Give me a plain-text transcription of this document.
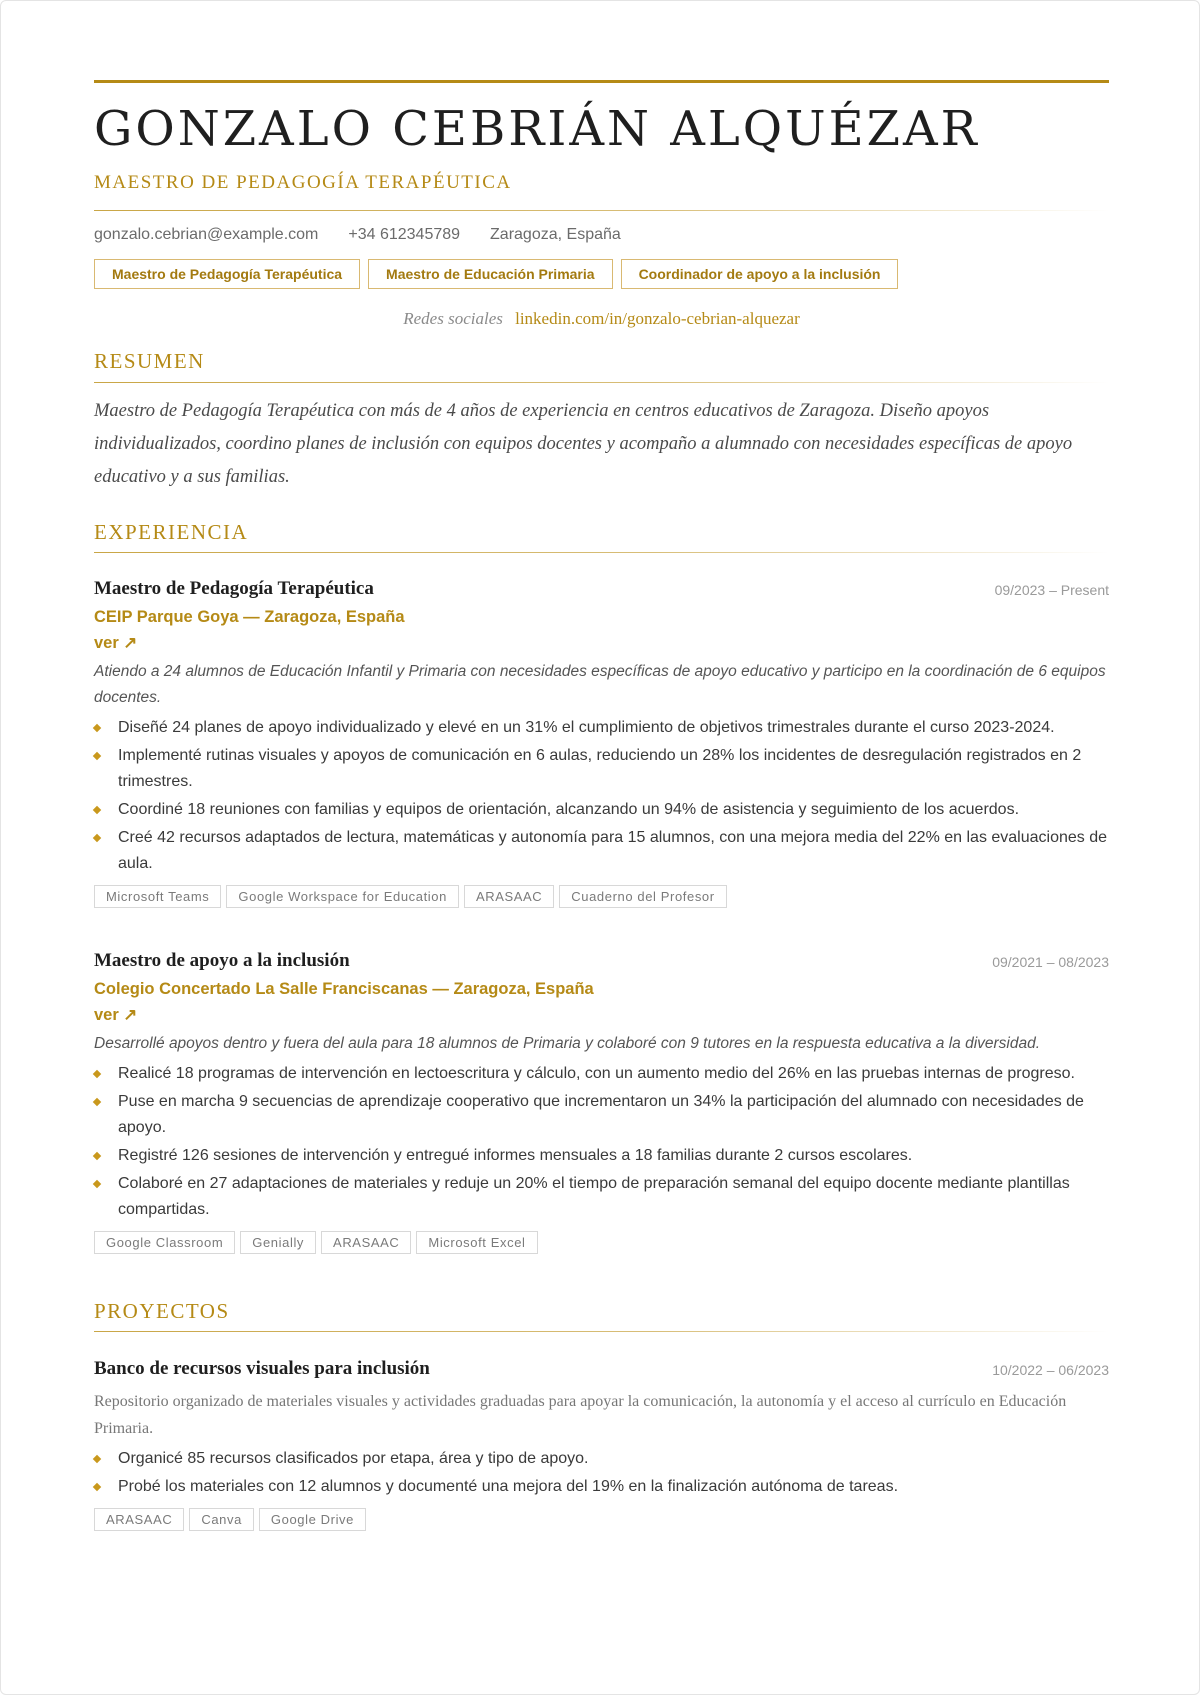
GONZALO CEBRIÁN ALQUÉZAR
MAESTRO DE PEDAGOGÍA TERAPÉUTICA
gonzalo.cebrian@example.com +34 612345789 Zaragoza, España
Maestro de Pedagogía Terapéutica	Maestro de Educación Primaria	Coordinador de apoyo a la inclusión
Redes sociales linkedin.com/in/gonzalo-cebrian-alquezar
RESUMEN

Maestro de Pedagogía Terapéutica con más de 4 años de experiencia en centros educativos de Zaragoza. Diseño apoyos individualizados, coordino planes de inclusión con equipos docentes y acompaño a alumnado con necesidades específicas de apoyo educativo y a sus familias.

EXPERIENCIA
Maestro de Pedagogía Terapéutica	09/2023 – Present
CEIP Parque Goya — Zaragoza, España
ver ↗
Atiendo a 24 alumnos de Educación Infantil y Primaria con necesidades específicas de apoyo educativo y participo en la coordinación de 6 equipos docentes.
Diseñé 24 planes de apoyo individualizado y elevé en un 31% el cumplimiento de objetivos trimestrales durante el curso 2023-2024.
Implementé rutinas visuales y apoyos de comunicación en 6 aulas, reduciendo un 28% los incidentes de desregulación registrados en 2 trimestres.
Coordiné 18 reuniones con familias y equipos de orientación, alcanzando un 94% de asistencia y seguimiento de los acuerdos.
Creé 42 recursos adaptados de lectura, matemáticas y autonomía para 15 alumnos, con una mejora media del 22% en las evaluaciones de aula.
Microsoft Teams	Google Workspace for Education	ARASAAC	Cuaderno del Profesor
Maestro de apoyo a la inclusión	09/2021 – 08/2023
Colegio Concertado La Salle Franciscanas — Zaragoza, España
ver ↗
Desarrollé apoyos dentro y fuera del aula para 18 alumnos de Primaria y colaboré con 9 tutores en la respuesta educativa a la diversidad.
Realicé 18 programas de intervención en lectoescritura y cálculo, con un aumento medio del 26% en las pruebas internas de progreso.
Puse en marcha 9 secuencias de aprendizaje cooperativo que incrementaron un 34% la participación del alumnado con necesidades de apoyo.
Registré 126 sesiones de intervención y entregué informes mensuales a 18 familias durante 2 cursos escolares.
Colaboré en 27 adaptaciones de materiales y reduje un 20% el tiempo de preparación semanal del equipo docente mediante plantillas compartidas.
Google Classroom	Genially	ARASAAC	Microsoft Excel
PROYECTOS
Banco de recursos visuales para inclusión	10/2022 – 06/2023
Repositorio organizado de materiales visuales y actividades graduadas para apoyar la comunicación, la autonomía y el acceso al currículo en Educación Primaria.
Organicé 85 recursos clasificados por etapa, área y tipo de apoyo.
Probé los materiales con 12 alumnos y documenté una mejora del 19% en la finalización autónoma de tareas.
ARASAAC	Canva	Google Drive
